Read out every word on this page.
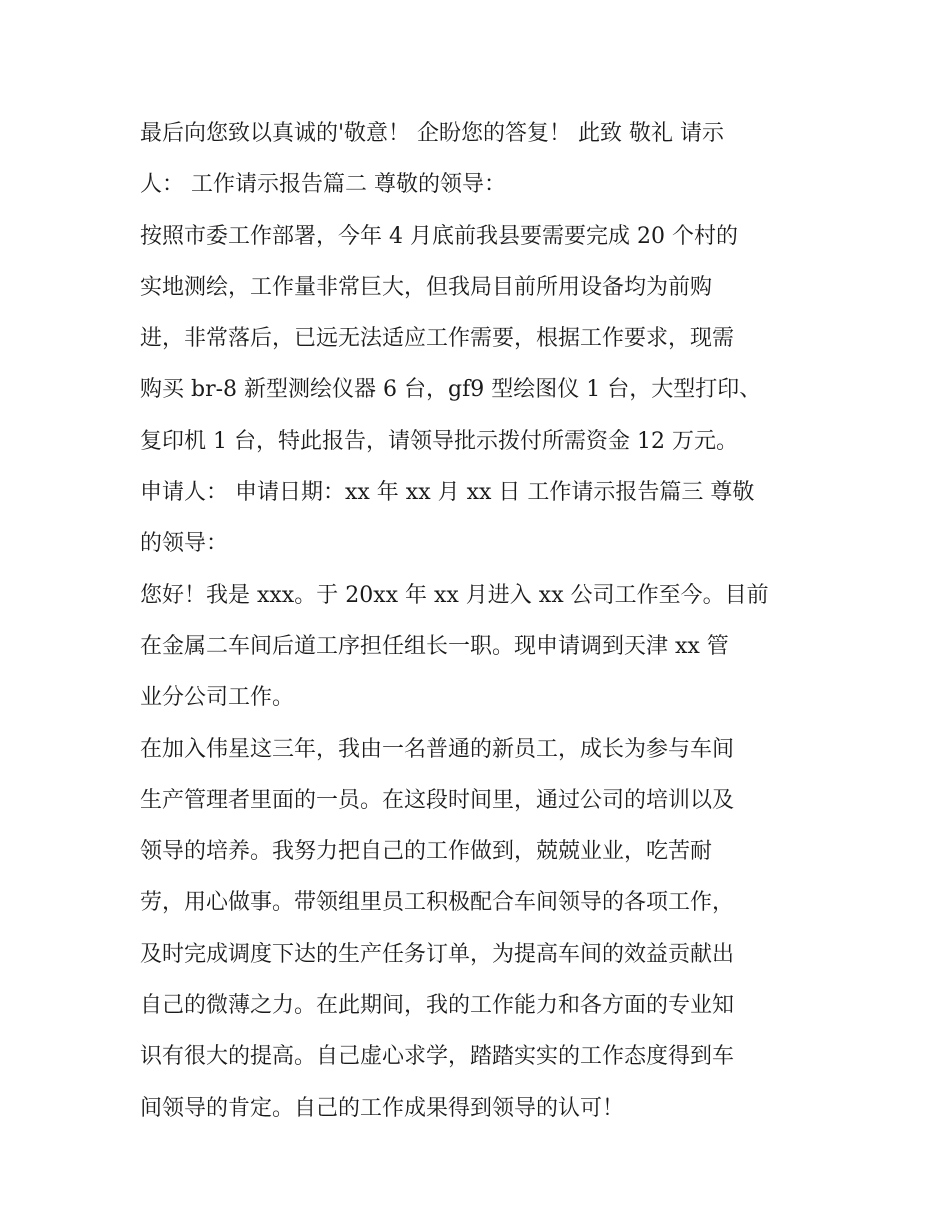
最后向您致以真诚的'敬意！ 企盼您的答复！ 此致 敬礼 请示
人： 工作请示报告篇二 尊敬的领导：
按照市委工作部署，今年 4 月底前我县要需要完成 20 个村的
实地测绘，工作量非常巨大，但我局目前所用设备均为前购
进，非常落后，已远无法适应工作需要，根据工作要求，现需
购买 br-8 新型测绘仪器 6 台，gf9 型绘图仪 1 台，大型打印、
复印机 1 台，特此报告，请领导批示拨付所需资金 12 万元。
申请人： 申请日期：xx 年 xx 月 xx 日 工作请示报告篇三 尊敬
的领导：
您好！我是 xxx。于 20xx 年 xx 月进入 xx 公司工作至今。目前
在金属二车间后道工序担任组长一职。现申请调到天津 xx 管
业分公司工作。
在加入伟星这三年，我由一名普通的新员工，成长为参与车间
生产管理者里面的一员。在这段时间里，通过公司的培训以及
领导的培养。我努力把自己的工作做到，兢兢业业，吃苦耐
劳，用心做事。带领组里员工积极配合车间领导的各项工作，
及时完成调度下达的生产任务订单，为提高车间的效益贡献出
自己的微薄之力。在此期间，我的工作能力和各方面的专业知
识有很大的提高。自己虚心求学，踏踏实实的工作态度得到车
间领导的肯定。自己的工作成果得到领导的认可！
